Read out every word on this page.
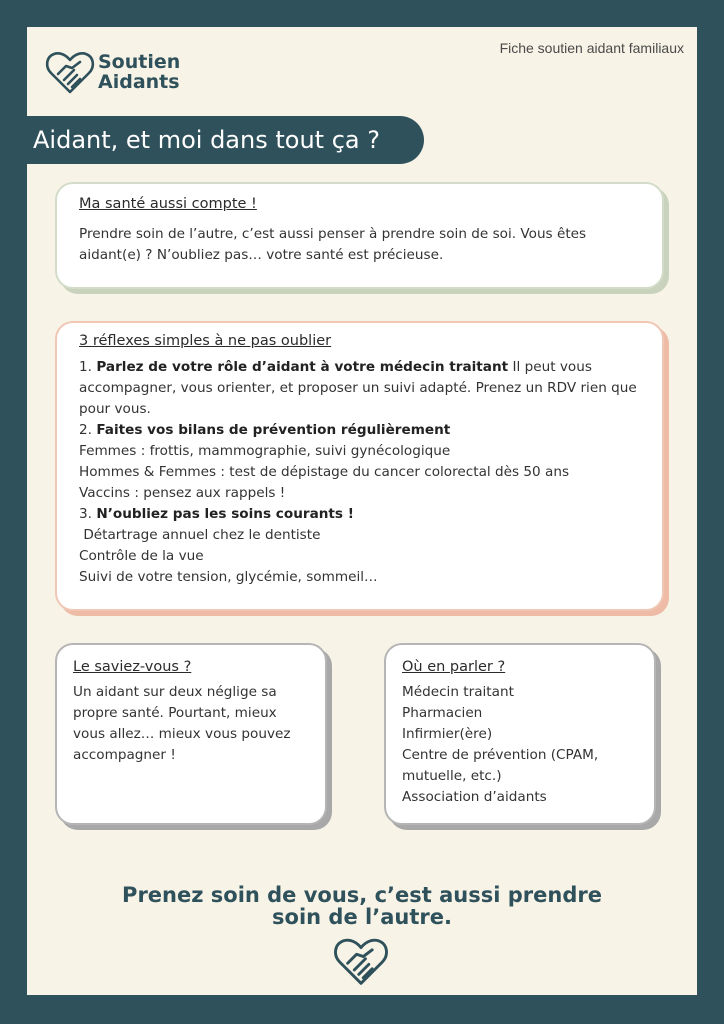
Soutien
Aidants
Fiche soutien aidant familiaux
Aidant, et moi dans tout ça ?
Ma santé aussi compte !
Prendre soin de l’autre, c’est aussi penser à prendre soin de soi. Vous êtes aidant(e) ? N’oubliez pas… votre santé est précieuse.
3 réflexes simples à ne pas oublier
1. Parlez de votre rôle d’aidant à votre médecin traitant Il peut vous accompagner, vous orienter, et proposer un suivi adapté. Prenez un RDV rien que pour vous.
2. Faites vos bilans de prévention régulièrement
Femmes : frottis, mammographie, suivi gynécologique
Hommes & Femmes : test de dépistage du cancer colorectal dès 50 ans
Vaccins : pensez aux rappels !
3. N’oubliez pas les soins courants !
Détartrage annuel chez le dentiste
Contrôle de la vue
Suivi de votre tension, glycémie, sommeil…
Le saviez-vous ?
Un aidant sur deux néglige sa propre santé. Pourtant, mieux vous allez… mieux vous pouvez accompagner !
Où en parler ?
Médecin traitant
Pharmacien
Infirmier(ère)
Centre de prévention (CPAM, mutuelle, etc.)
Association d’aidants
Prenez soin de vous, c’est aussi prendre
soin de l’autre.
